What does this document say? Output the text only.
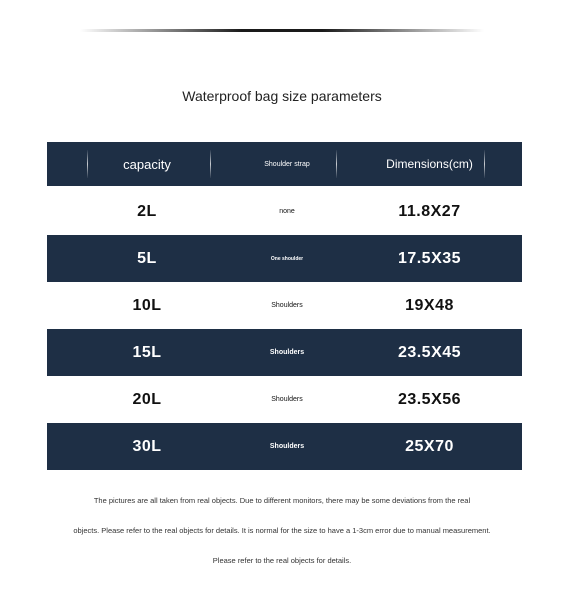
Waterproof bag size parameters
capacity	Shoulder strap	Dimensions(cm)
2L	none	11.8X27
5L	One shoulder	17.5X35
10L	Shoulders	19X48
15L	Shoulders	23.5X45
20L	Shoulders	23.5X56
30L	Shoulders	25X70
The pictures are all taken from real objects. Due to different monitors, there may be some deviations from the real
objects. Please refer to the real objects for details. It is normal for the size to have a 1-3cm error due to manual measurement.
Please refer to the real objects for details.
